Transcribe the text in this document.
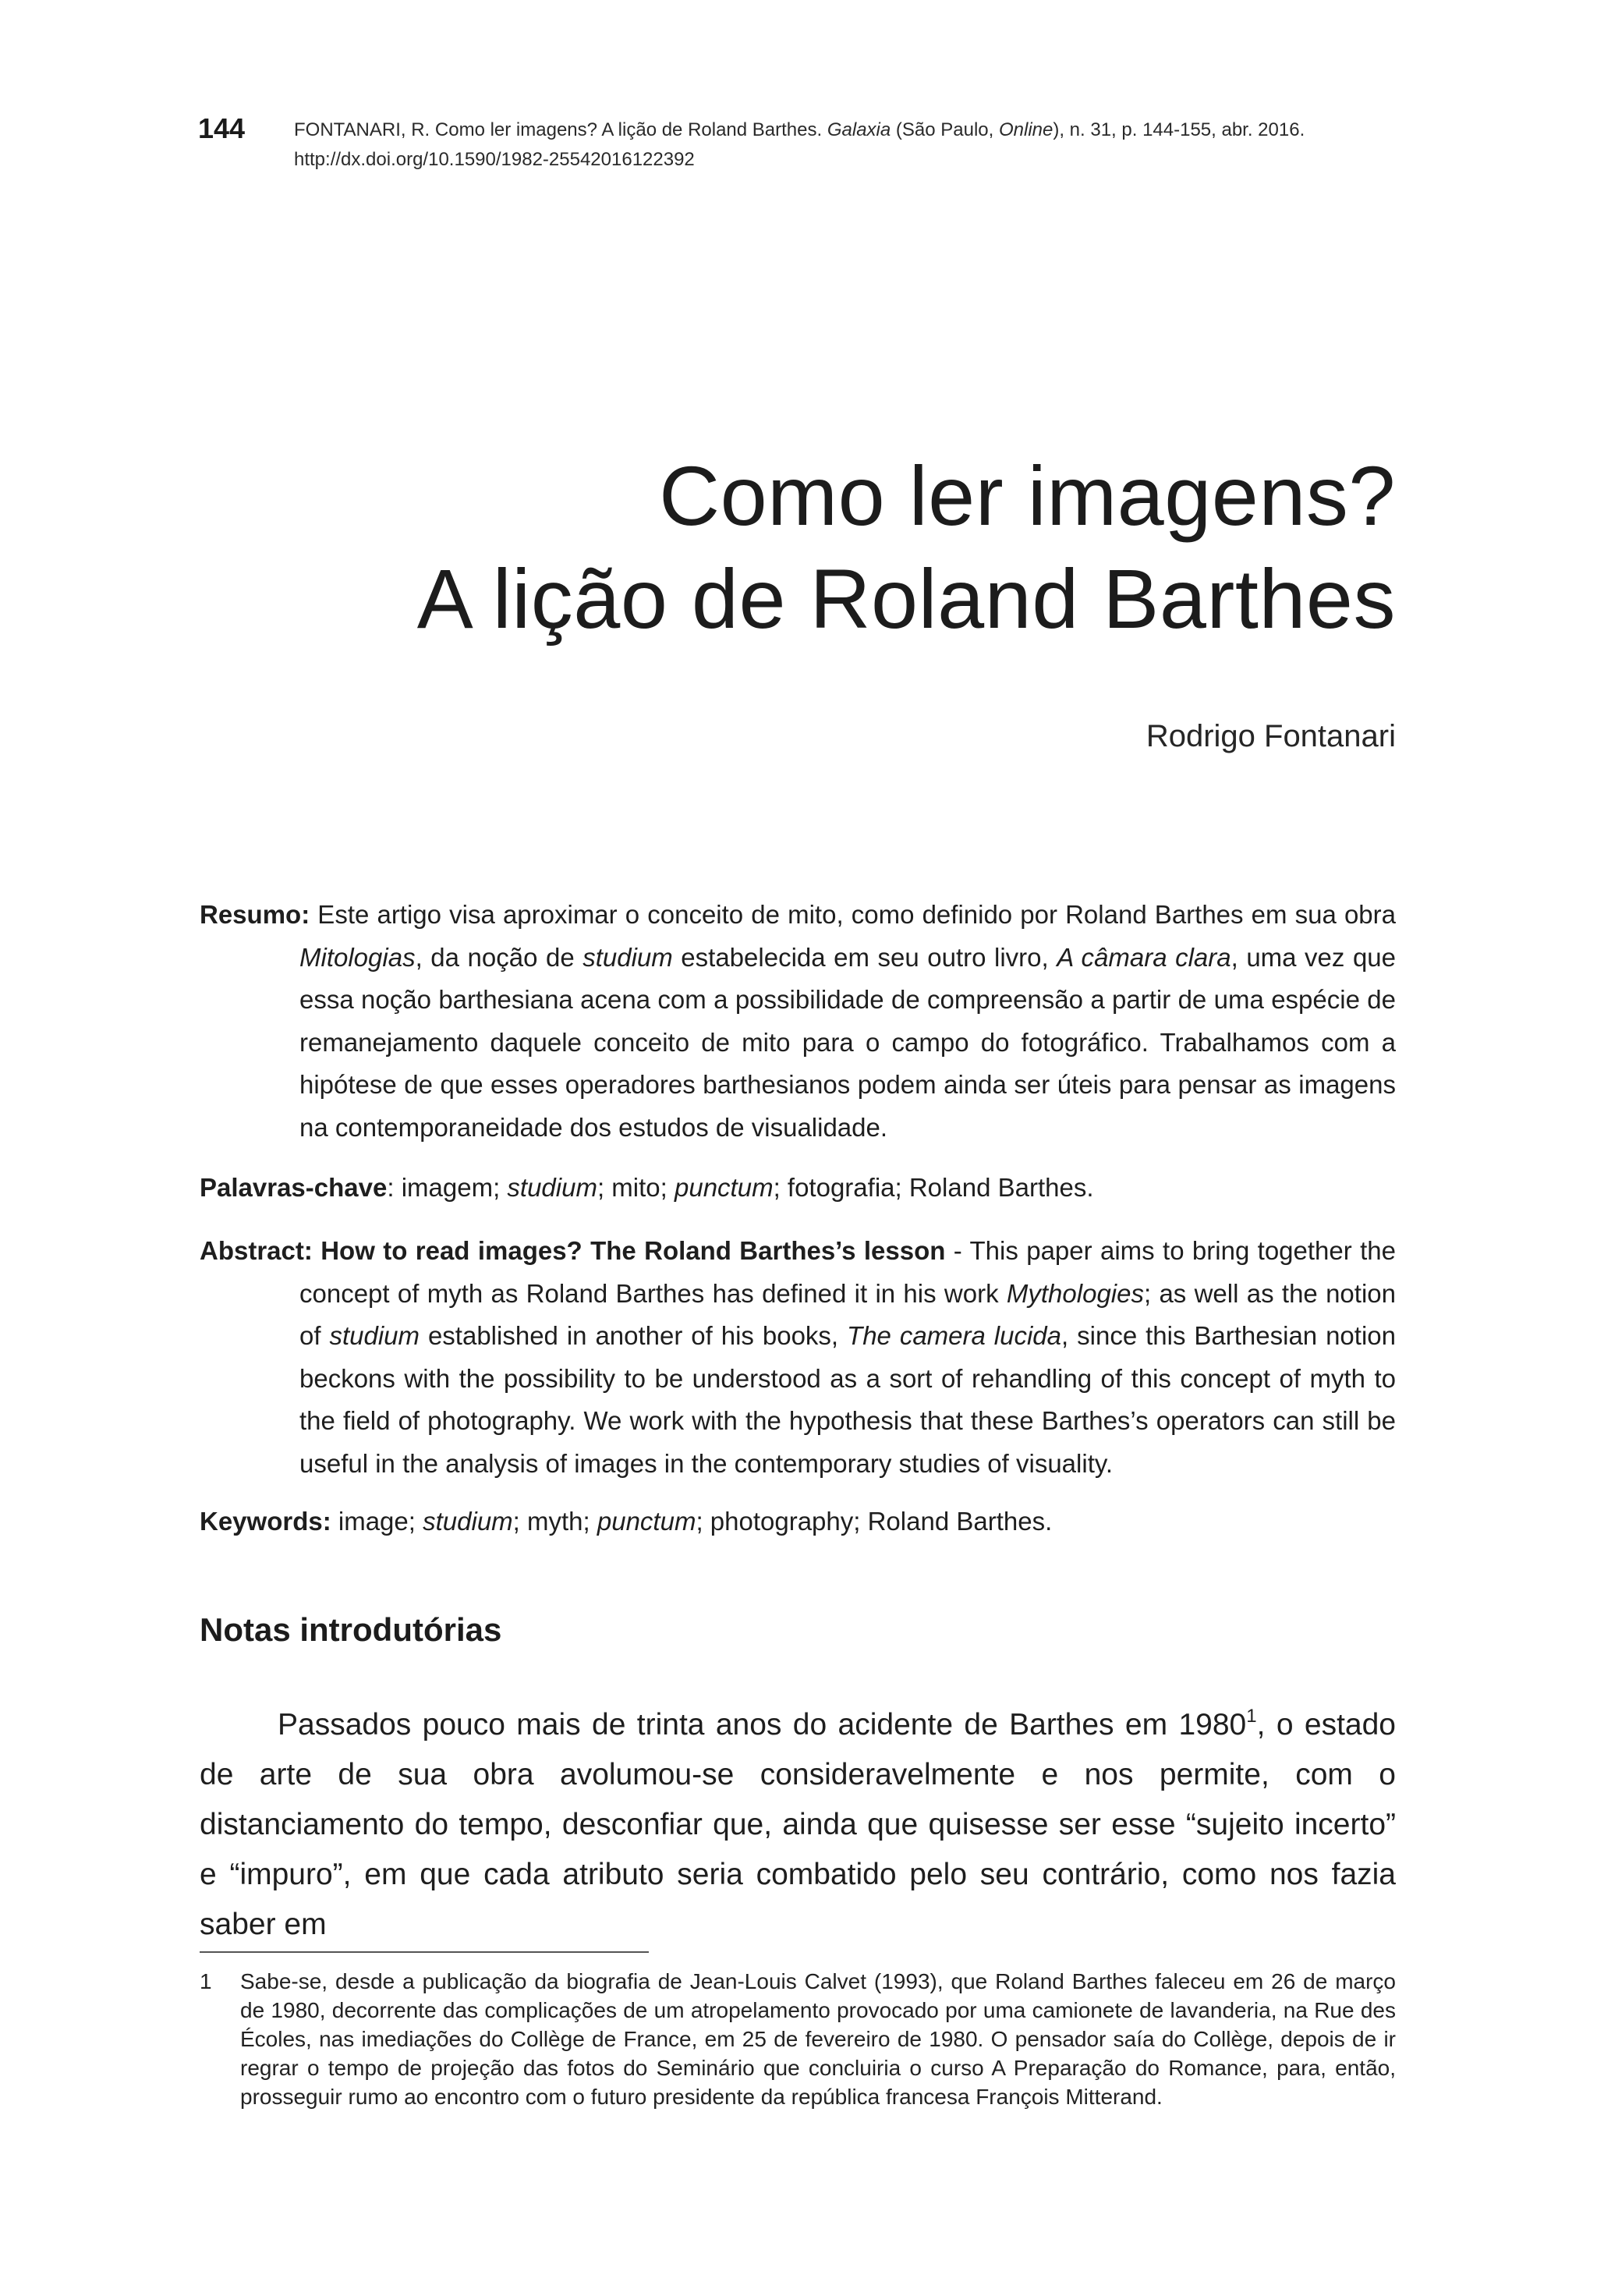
144	FONTANARI, R. Como ler imagens? A lição de Roland Barthes. Galaxia (São Paulo, Online), n. 31, p. 144-155, abr. 2016.
http://dx.doi.org/10.1590/1982-25542016122392
Como ler imagens?
A lição de Roland Barthes
Rodrigo Fontanari

Resumo: Este artigo visa aproximar o conceito de mito, como definido por Roland Barthes em sua obra Mitologias, da noção de studium estabelecida em seu outro livro, A câmara clara, uma vez que essa noção barthesiana acena com a possibilidade de compreensão a partir de uma espécie de remanejamento daquele conceito de mito para o campo do fotográfico. Trabalhamos com a hipótese de que esses operadores barthesianos podem ainda ser úteis para pensar as imagens na contemporaneidade dos estudos de visualidade.

Palavras-chave: imagem; studium; mito; punctum; fotografia; Roland Barthes.

Abstract: How to read images? The Roland Barthes’s lesson - This paper aims to bring together the concept of myth as Roland Barthes has defined it in his work Mythologies; as well as the notion of studium established in another of his books, The camera lucida, since this Barthesian notion beckons with the possibility to be understood as a sort of rehandling of this concept of myth to the field of photography. We work with the hypothesis that these Barthes’s operators can still be useful in the analysis of images in the contemporary studies of visuality.

Keywords: image; studium; myth; punctum; photography; Roland Barthes.

Notas introdutórias

Passados pouco mais de trinta anos do acidente de Barthes em 1980$^1$, o estado de arte de sua obra avolumou-se consideravelmente e nos permite, com o distanciamento do tempo, desconfiar que, ainda que quisesse ser esse “sujeito incerto” e “impuro”, em que cada atributo seria combatido pelo seu contrário, como nos fazia saber em

1 Sabe-se, desde a publicação da biografia de Jean-Louis Calvet (1993), que Roland Barthes faleceu em 26 de março de 1980, decorrente das complicações de um atropelamento provocado por uma camionete de lavanderia, na Rue des Écoles, nas imediações do Collège de France, em 25 de fevereiro de 1980. O pensador saía do Collège, depois de ir regrar o tempo de projeção das fotos do Seminário que concluiria o curso A Preparação do Romance, para, então, prosseguir rumo ao encontro com o futuro presidente da república francesa François Mitterand.
